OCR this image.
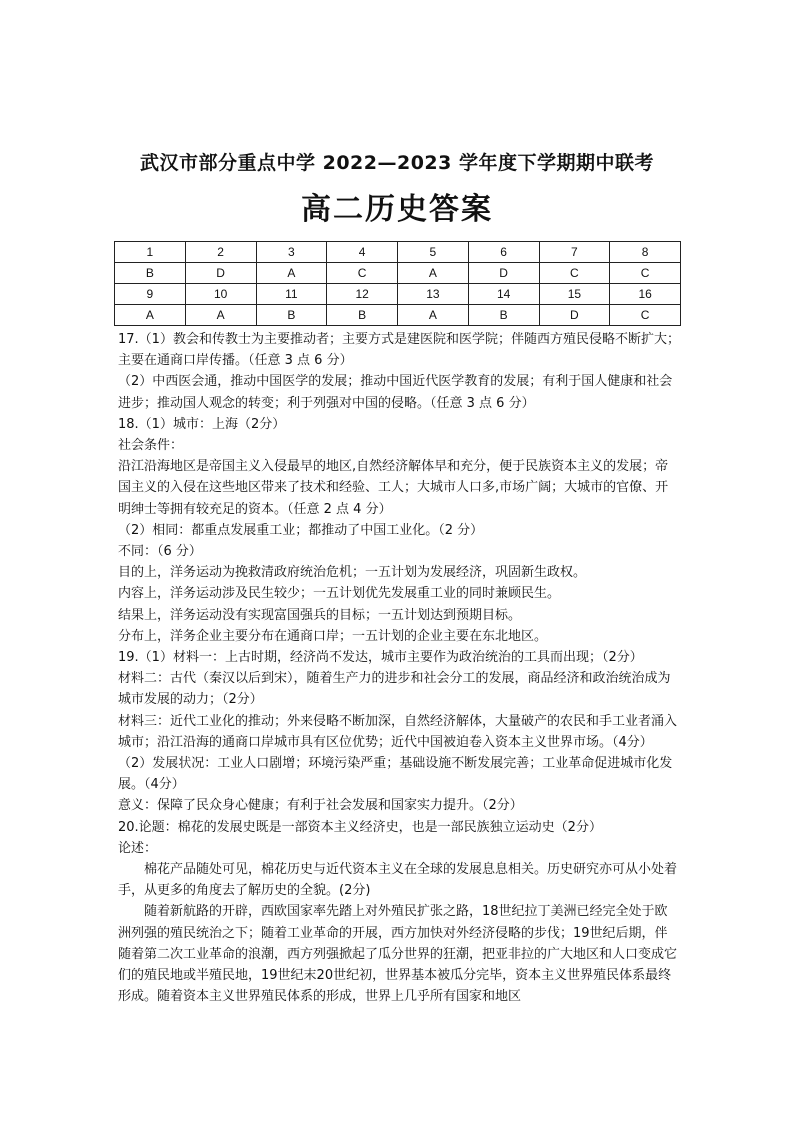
武汉市部分重点中学 2022—2023 学年度下学期期中联考
高二历史答案
1	2	3	4	5	6	7	8
B	D	A	C	A	D	C	C
9	10	11	12	13	14	15	16
A	A	B	B	A	B	D	C

17.（1）教会和传教士为主要推动者；主要方式是建医院和医学院；伴随西方殖民侵略不断扩大；主要在通商口岸传播。（任意 3 点 6 分）

（2）中西医会通，推动中国医学的发展；推动中国近代医学教育的发展；有利于国人健康和社会进步；推动国人观念的转变；利于列强对中国的侵略。（任意 3 点 6 分）

18.（1）城市：上海（2分）

社会条件：

沿江沿海地区是帝国主义入侵最早的地区,自然经济解体早和充分，便于民族资本主义的发展；帝国主义的入侵在这些地区带来了技术和经验、工人；大城市人口多,市场广阔；大城市的官僚、开明绅士等拥有较充足的资本。（任意 2 点 4 分）

（2）相同：都重点发展重工业；都推动了中国工业化。（2 分）

不同：（6 分）

目的上，洋务运动为挽救清政府统治危机；一五计划为发展经济，巩固新生政权。

内容上，洋务运动涉及民生较少；一五计划优先发展重工业的同时兼顾民生。

结果上，洋务运动没有实现富国强兵的目标；一五计划达到预期目标。

分布上，洋务企业主要分布在通商口岸；一五计划的企业主要在东北地区。

19.（1）材料一：上古时期，经济尚不发达，城市主要作为政治统治的工具而出现；（2分）

材料二：古代（秦汉以后到宋），随着生产力的进步和社会分工的发展，商品经济和政治统治成为城市发展的动力；（2分）

材料三：近代工业化的推动；外来侵略不断加深，自然经济解体，大量破产的农民和手工业者涌入城市；沿江沿海的通商口岸城市具有区位优势；近代中国被迫卷入资本主义世界市场。（4分）

（2）发展状况：工业人口剧增；环境污染严重；基础设施不断发展完善；工业革命促进城市化发展。（4分）

意义：保障了民众身心健康；有利于社会发展和国家实力提升。（2分）

20.论题：棉花的发展史既是一部资本主义经济史，也是一部民族独立运动史（2分）

论述：

棉花产品随处可见，棉花历史与近代资本主义在全球的发展息息相关。历史研究亦可从小处着手，从更多的角度去了解历史的全貌。(2分)

随着新航路的开辟，西欧国家率先踏上对外殖民扩张之路，18世纪拉丁美洲已经完全处于欧洲列强的殖民统治之下；随着工业革命的开展，西方加快对外经济侵略的步伐；19世纪后期，伴随着第二次工业革命的浪潮，西方列强掀起了瓜分世界的狂潮，把亚非拉的广大地区和人口变成它们的殖民地或半殖民地，19世纪末20世纪初，世界基本被瓜分完毕，资本主义世界殖民体系最终形成。随着资本主义世界殖民体系的形成，世界上几乎所有国家和地区
